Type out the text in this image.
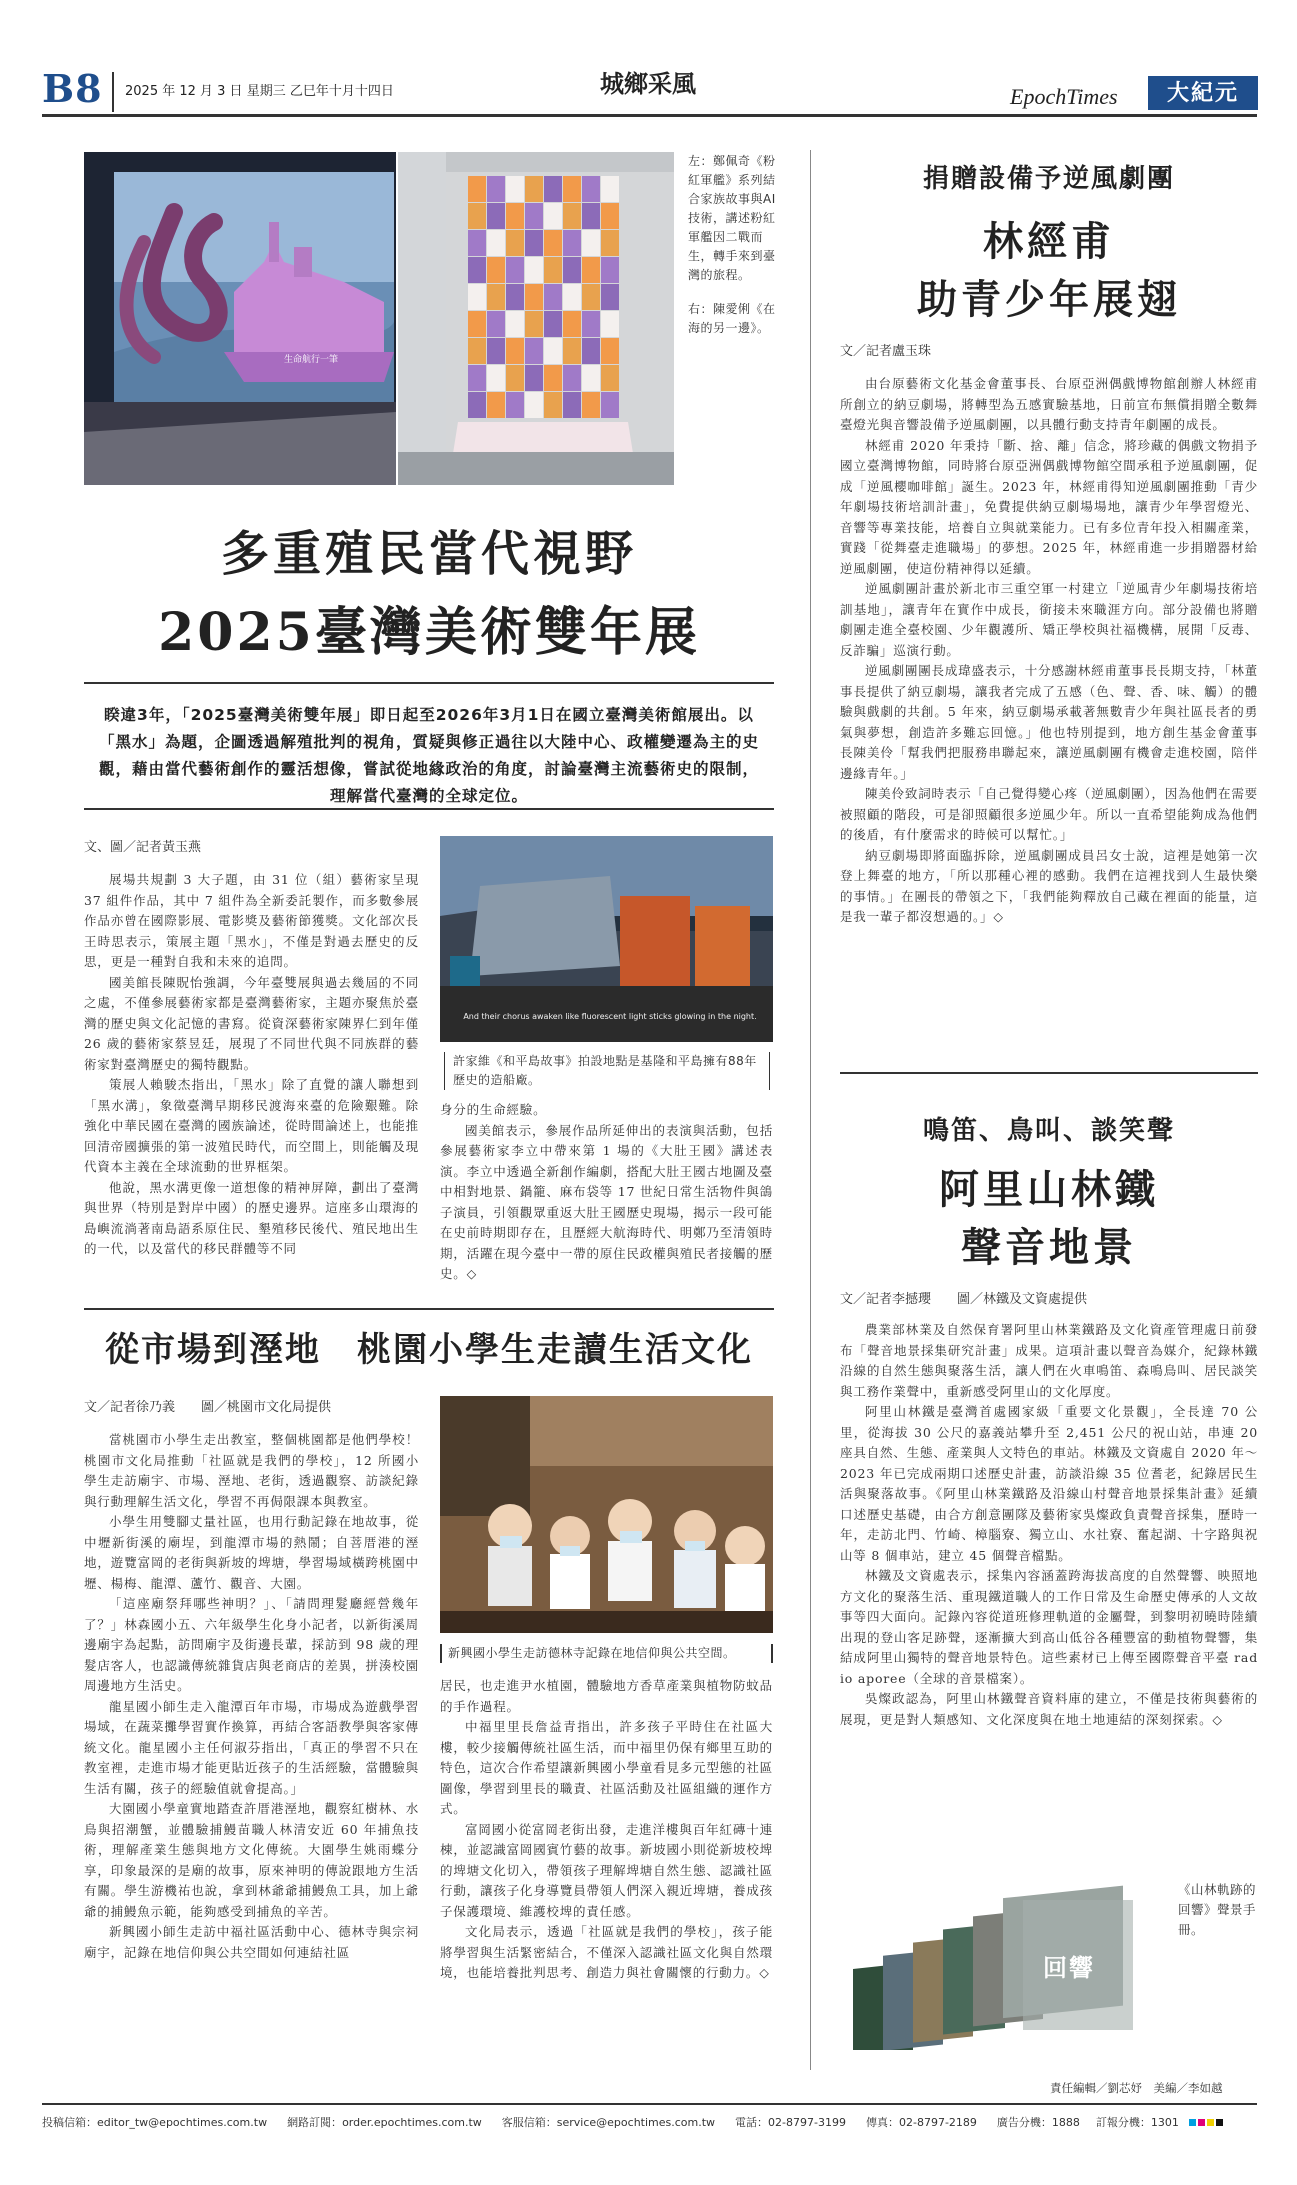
B8 2025 年 12 月 3 日 星期三 乙巳年十月十四日	城鄉采風	EpochTimes	大紀元
生命航行一筆
左：鄭佩奇《粉紅軍艦》系列結合家族故事與AI技術，講述粉紅軍艦因二戰而生，轉手來到臺灣的旅程。
右：陳愛俐《在海的另一邊》。
多重殖民當代視野
2025臺灣美術雙年展
睽違3年，「2025臺灣美術雙年展」即日起至2026年3月1日在國立臺灣美術館展出。以「黑水」為題，企圖透過解殖批判的視角，質疑與修正過往以大陸中心、政權變遷為主的史觀，藉由當代藝術創作的靈活想像，嘗試從地緣政治的角度，討論臺灣主流藝術史的限制，理解當代臺灣的全球定位。
文、圖／記者黃玉燕

展場共規劃 3 大子題，由 31 位（組）藝術家呈現 37 組件作品，其中 7 組件為全新委託製作，而多數參展作品亦曾在國際影展、電影獎及藝術節獲獎。文化部次長王時思表示，策展主題「黑水」，不僅是對過去歷史的反思，更是一種對自我和未來的追問。

國美館長陳貺怡強調，今年臺雙展與過去幾屆的不同之處，不僅參展藝術家都是臺灣藝術家，主題亦聚焦於臺灣的歷史與文化記憶的書寫。從資深藝術家陳界仁到年僅 26 歲的藝術家蔡昱廷，展現了不同世代與不同族群的藝術家對臺灣歷史的獨特觀點。

策展人賴駿杰指出，「黑水」除了直覺的讓人聯想到「黑水溝」，象徵臺灣早期移民渡海來臺的危險艱難。除強化中華民國在臺灣的國族論述，從時間論述上，也能推回清帝國擴張的第一波殖民時代，而空間上，則能觸及現代資本主義在全球流動的世界框架。

他說，黑水溝更像一道想像的精神屏障，劃出了臺灣與世界（特別是對岸中國）的歷史邊界。這座多山環海的島嶼流淌著南島語系原住民、墾殖移民後代、殖民地出生的一代，以及當代的移民群體等不同

And their chorus awaken like fluorescent light sticks glowing in the night.
許家維《和平島故事》拍設地點是基隆和平島擁有88年歷史的造船廠。

身分的生命經驗。

國美館表示，參展作品所延伸出的表演與活動，包括參展藝術家李立中帶來第 1 場的《大肚王國》講述表演。李立中透過全新創作編劇，搭配大肚王國古地圖及臺中相對地景、鍋籠、麻布袋等 17 世紀日常生活物件與鴿子演員，引領觀眾重返大肚王國歷史現場，揭示一段可能在史前時期即存在，且歷經大航海時代、明鄭乃至清領時期，活躍在現今臺中一帶的原住民政權與殖民者接觸的歷史。◇

從市場到溼地　桃園小學生走讀生活文化
文／記者徐乃義　　圖／桃園市文化局提供

當桃園市小學生走出教室，整個桃園都是他們學校！桃園市文化局推動「社區就是我們的學校」，12 所國小學生走訪廟宇、市場、溼地、老街，透過觀察、訪談紀錄與行動理解生活文化，學習不再侷限課本與教室。

小學生用雙腳丈量社區，也用行動記錄在地故事，從中壢新街溪的廟埕，到龍潭市場的熱鬧；自菩厝港的溼地，遊覽富岡的老街與新坡的埤塘，學習場域橫跨桃園中壢、楊梅、龍潭、蘆竹、觀音、大園。

「這座廟祭拜哪些神明？」、「請問理髮廳經營幾年了？」林森國小五、六年級學生化身小記者，以新街溪周邊廟宇為起點，訪問廟宇及街邊長輩，採訪到 98 歲的理髮店客人，也認識傳統雜貨店與老商店的差異，拼湊校園周邊地方生活史。

龍星國小師生走入龍潭百年市場，市場成為遊戲學習場域，在蔬菜攤學習實作換算，再結合客語教學與客家傳統文化。龍星國小主任何淑芬指出，「真正的學習不只在教室裡，走進市場才能更貼近孩子的生活經驗，當體驗與生活有關，孩子的經驗值就會提高。」

大園國小學童實地踏查許厝港溼地，觀察紅樹林、水鳥與招潮蟹，並體驗捕鰻苗職人林清安近 60 年捕魚技術，理解產業生態與地方文化傳統。大園學生姚雨蝶分享，印象最深的是廟的故事，原來神明的傳說跟地方生活有關。學生游機祐也說，拿到林爺爺捕鰻魚工具，加上爺爺的捕鰻魚示範，能夠感受到捕魚的辛苦。

新興國小師生走訪中福社區活動中心、德林寺與宗祠廟宇，記錄在地信仰與公共空間如何連結社區

新興國小學生走訪德林寺記錄在地信仰與公共空間。

居民，也走進尹水植園，體驗地方香草產業與植物防蚊品的手作過程。

中福里里長詹益青指出，許多孩子平時住在社區大樓，較少接觸傳統社區生活，而中福里仍保有鄉里互助的特色，這次合作希望讓新興國小學童看見多元型態的社區圖像，學習到里長的職責、社區活動及社區組織的運作方式。

富岡國小從富岡老街出發，走進洋樓與百年紅磚十連棟，並認識富岡國賓竹藝的故事。新坡國小則從新坡校埤的埤塘文化切入，帶領孩子理解埤塘自然生態、認識社區行動，讓孩子化身導覽員帶領人們深入親近埤塘，養成孩子保護環境、維護校埤的責任感。

文化局表示，透過「社區就是我們的學校」，孩子能將學習與生活緊密結合，不僅深入認識社區文化與自然環境，也能培養批判思考、創造力與社會關懷的行動力。◇

捐贈設備予逆風劇團
林經甫
助青少年展翅
文／記者盧玉珠

由台原藝術文化基金會董事長、台原亞洲偶戲博物館創辦人林經甫所創立的納豆劇場，將轉型為五感實驗基地，日前宣布無償捐贈全數舞臺燈光與音響設備予逆風劇團，以具體行動支持青年劇團的成長。

林經甫 2020 年秉持「斷、捨、離」信念，將珍藏的偶戲文物捐予國立臺灣博物館，同時將台原亞洲偶戲博物館空間承租予逆風劇團，促成「逆風櫻咖啡館」誕生。2023 年，林經甫得知逆風劇團推動「青少年劇場技術培訓計畫」，免費提供納豆劇場場地，讓青少年學習燈光、音響等專業技能，培養自立與就業能力。已有多位青年投入相關產業，實踐「從舞臺走進職場」的夢想。2025 年，林經甫進一步捐贈器材給逆風劇團，使這份精神得以延續。

逆風劇團計畫於新北市三重空軍一村建立「逆風青少年劇場技術培訓基地」，讓青年在實作中成長，銜接未來職涯方向。部分設備也將贈劇團走進全臺校園、少年觀護所、矯正學校與社福機構，展開「反毒、反詐騙」巡演行動。

逆風劇團團長成瑋盛表示，十分感謝林經甫董事長長期支持，「林董事長提供了納豆劇場，讓我者完成了五感（色、聲、香、味、觸）的體驗與戲劇的共創。5 年來，納豆劇場承載著無數青少年與社區長者的勇氣與夢想，創造許多難忘回憶。」他也特別提到，地方創生基金會董事長陳美伶「幫我們把服務串聯起來，讓逆風劇團有機會走進校園，陪伴邊緣青年。」

陳美伶致詞時表示「自己覺得變心疼（逆風劇團），因為他們在需要被照顧的階段，可是卻照顧很多逆風少年。所以一直希望能夠成為他們的後盾，有什麼需求的時候可以幫忙。」

納豆劇場即將面臨拆除，逆風劇團成員呂女士說，這裡是她第一次登上舞臺的地方，「所以那種心裡的感動。我們在這裡找到人生最快樂的事情。」在團長的帶領之下，「我們能夠釋放自己藏在裡面的能量，這是我一輩子都沒想過的。」◇

鳴笛、鳥叫、談笑聲
阿里山林鐵
聲音地景
文／記者李撼瓔　　圖／林鐵及文資處提供

農業部林業及自然保育署阿里山林業鐵路及文化資產管理處日前發布「聲音地景採集研究計畫」成果。這項計畫以聲音為媒介，紀錄林鐵沿線的自然生態與聚落生活，讓人們在火車鳴笛、森鳴鳥叫、居民談笑與工務作業聲中，重新感受阿里山的文化厚度。

阿里山林鐵是臺灣首處國家級「重要文化景觀」，全長達 70 公里，從海拔 30 公尺的嘉義站攀升至 2,451 公尺的祝山站，串連 20 座具自然、生態、產業與人文特色的車站。林鐵及文資處自 2020 年〜2023 年已完成兩期口述歷史計畫，訪談沿線 35 位耆老，紀錄居民生活與聚落故事。《阿里山林業鐵路及沿線山村聲音地景採集計畫》延續口述歷史基礎，由合方創意團隊及藝術家吳燦政負責聲音採集，歷時一年，走訪北門、竹崎、樟腦寮、獨立山、水社寮、奮起湖、十字路與祝山等 8 個車站，建立 45 個聲音檔點。

林鐵及文資處表示，採集內容涵蓋跨海拔高度的自然聲響、映照地方文化的聚落生活、重現鐵道職人的工作日常及生命歷史傳承的人文故事等四大面向。記錄內容從道班修理軌道的金屬聲，到黎明初曉時陸續出現的登山客足跡聲，逐漸擴大到高山低谷各種豐富的動植物聲響，集結成阿里山獨特的聲音地景特色。這些素材已上傳至國際聲音平臺 radio aporee（全球的音景檔案）。

吳燦政認為，阿里山林鐵聲音資料庫的建立，不僅是技術與藝術的展現，更是對人類感知、文化深度與在地土地連結的深刻探索。◇

回響
《山林軌跡的回響》聲景手冊。
責任編輯／劉芯妤　美編／李如越
投稿信箱： editor_tw@epochtimes.com.tw 網路訂閱： order.epochtimes.com.tw 客服信箱： service@epochtimes.com.tw 電話： 02-8797-3199 傳真： 02-8797-2189 廣告分機： 1888 訂報分機： 1301
